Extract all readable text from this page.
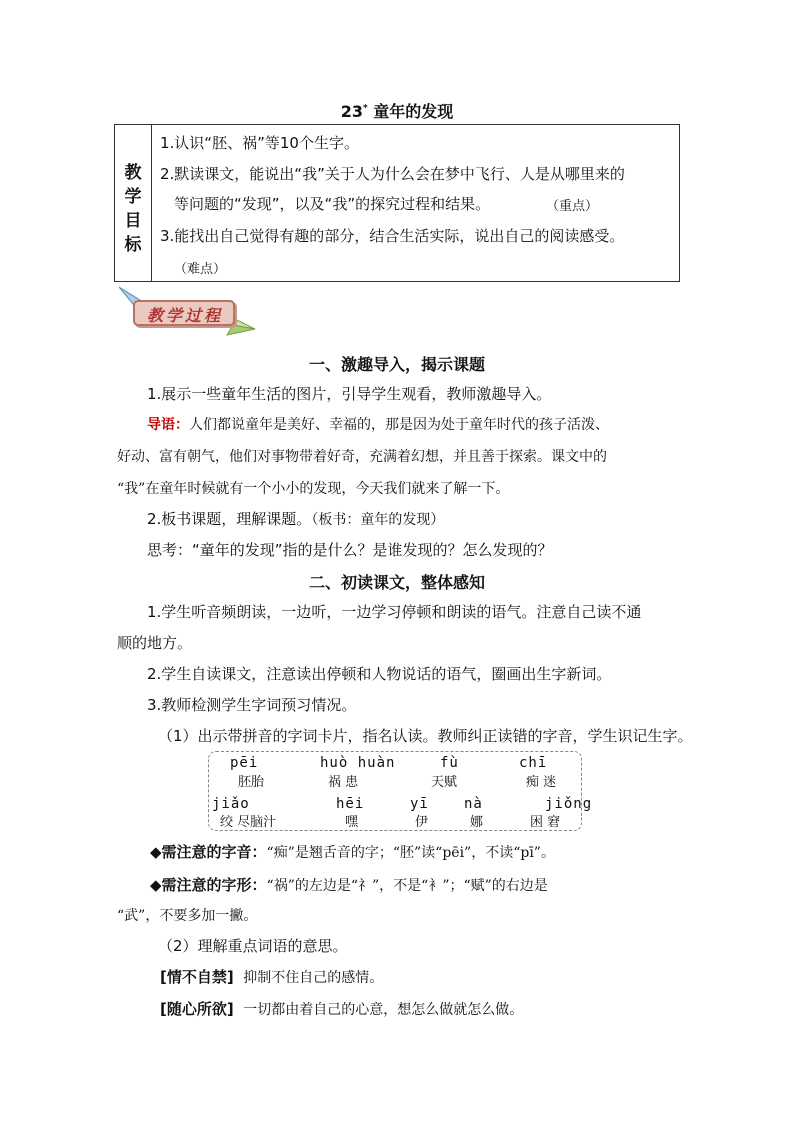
23* 童年的发现
教
学
目
标
1.认识“胚、祸”等10个生字。
2.默读课文，能说出“我”关于人为什么会在梦中飞行、人是从哪里来的
等问题的“发现”，以及“我”的探究过程和结果。	（重点）
3.能找出自己觉得有趣的部分，结合生活实际，说出自己的阅读感受。
（难点）
教学过程
一、激趣导入，揭示课题
1.展示一些童年生活的图片，引导学生观看，教师激趣导入。
导语：人们都说童年是美好、幸福的，那是因为处于童年时代的孩子活泼、
好动、富有朝气，他们对事物带着好奇，充满着幻想，并且善于探索。课文中的
“我”在童年时候就有一个小小的发现，今天我们就来了解一下。
2.板书课题，理解课题。（板书：童年的发现）
思考：“童年的发现”指的是什么？是谁发现的？怎么发现的？
二、初读课文，整体感知
1.学生听音频朗读，一边听，一边学习停顿和朗读的语气。注意自己读不通
顺的地方。
2.学生自读课文，注意读出停顿和人物说话的语气，圈画出生字新词。
3.教师检测学生字词预习情况。
（1）出示带拼音的字词卡片，指名认读。教师纠正读错的字音，学生识记生字。
pēi	huò huàn	fù	chī
胚胎	祸 患	天赋	痴 迷
jiǎo	hēi	yī	nà	jiǒng
绞 尽脑汁	嘿	伊	娜	困 窘
◆需注意的字音：“痴”是翘舌音的字；“胚”读“pēi”，不读“pī”。
◆需注意的字形：“祸”的左边是“礻”，不是“衤”；“赋”的右边是
“武”，不要多加一撇。
（2）理解重点词语的意思。
[情不自禁] 抑制不住自己的感情。
[随心所欲] 一切都由着自己的心意，想怎么做就怎么做。
